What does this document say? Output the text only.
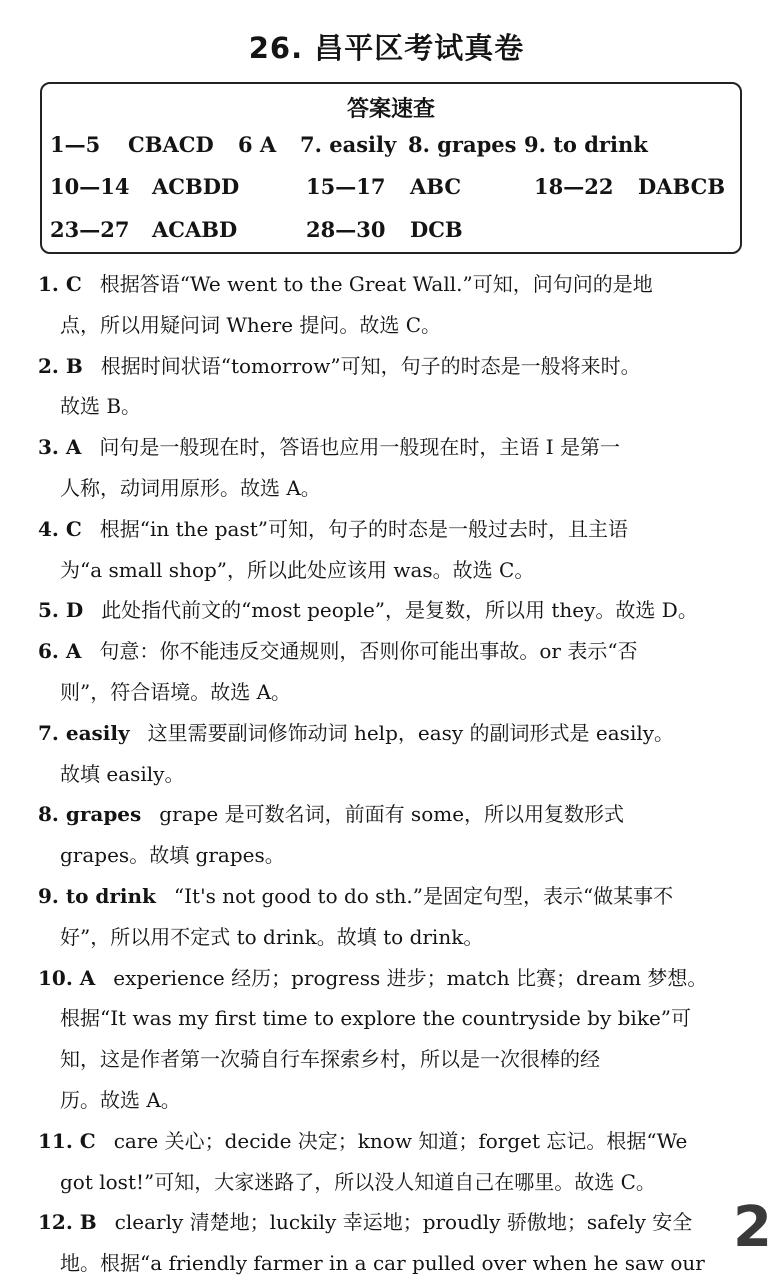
26. 昌平区考试真卷
答案速查
1—5 CBACD 6 A 7. easily 8. grapes 9. to drink
10—14 ACBDD	15—17 ABC	18—22 DABCB
23—27 ACABD	28—30 DCB
1. C 根据答语“We went to the Great Wall.”可知，问句问的是地
点，所以用疑问词 Where 提问。故选 C。
2. B 根据时间状语“tomorrow”可知，句子的时态是一般将来时。
故选 B。
3. A 问句是一般现在时，答语也应用一般现在时，主语 I 是第一
人称，动词用原形。故选 A。
4. C 根据“in the past”可知，句子的时态是一般过去时，且主语
为“a small shop”，所以此处应该用 was。故选 C。
5. D 此处指代前文的“most people”，是复数，所以用 they。故选 D。
6. A 句意：你不能违反交通规则，否则你可能出事故。or 表示“否
则”，符合语境。故选 A。
7. easily 这里需要副词修饰动词 help，easy 的副词形式是 easily。
故填 easily。
8. grapes grape 是可数名词，前面有 some，所以用复数形式
grapes。故填 grapes。
9. to drink “It's not good to do sth.”是固定句型，表示“做某事不
好”，所以用不定式 to drink。故填 to drink。
10. A experience 经历；progress 进步；match 比赛；dream 梦想。
根据“It was my first time to explore the countryside by bike”可
知，这是作者第一次骑自行车探索乡村，所以是一次很棒的经
历。故选 A。
11. C care 关心；decide 决定；know 知道；forget 忘记。根据“We
got lost!”可知，大家迷路了，所以没人知道自己在哪里。故选 C。
12. B clearly 清楚地；luckily 幸运地；proudly 骄傲地；safely 安全
地。根据“a friendly farmer in a car pulled over when he saw our
2
